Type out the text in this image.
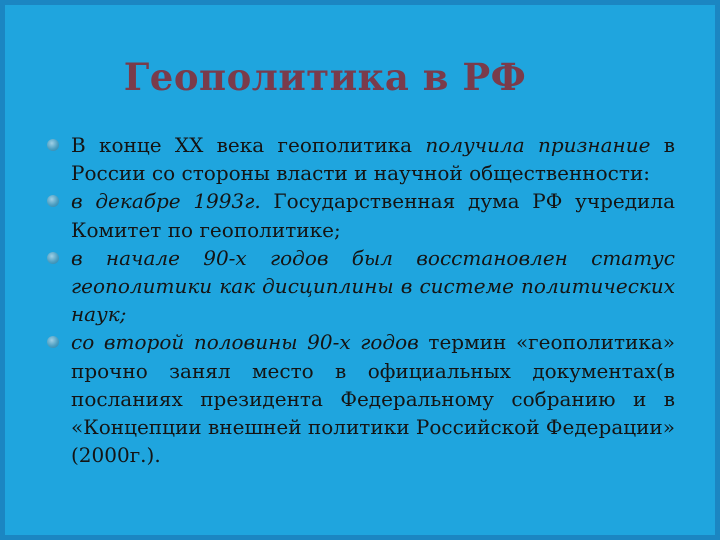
Геополитика в РФ
В конце XX века геополитика получила признание в России со стороны власти и научной общественности:
в декабре 1993г. Государственная дума РФ учредила Комитет по геополитике;
в начале 90-х годов был восстановлен статус геополитики как дисциплины в системе политических наук;
со второй половины 90-х годов термин «геополитика» прочно занял место в официальных документах(в посланиях президента Федеральному собранию и в «Концепции внешней политики Российской Федерации» (2000г.).
